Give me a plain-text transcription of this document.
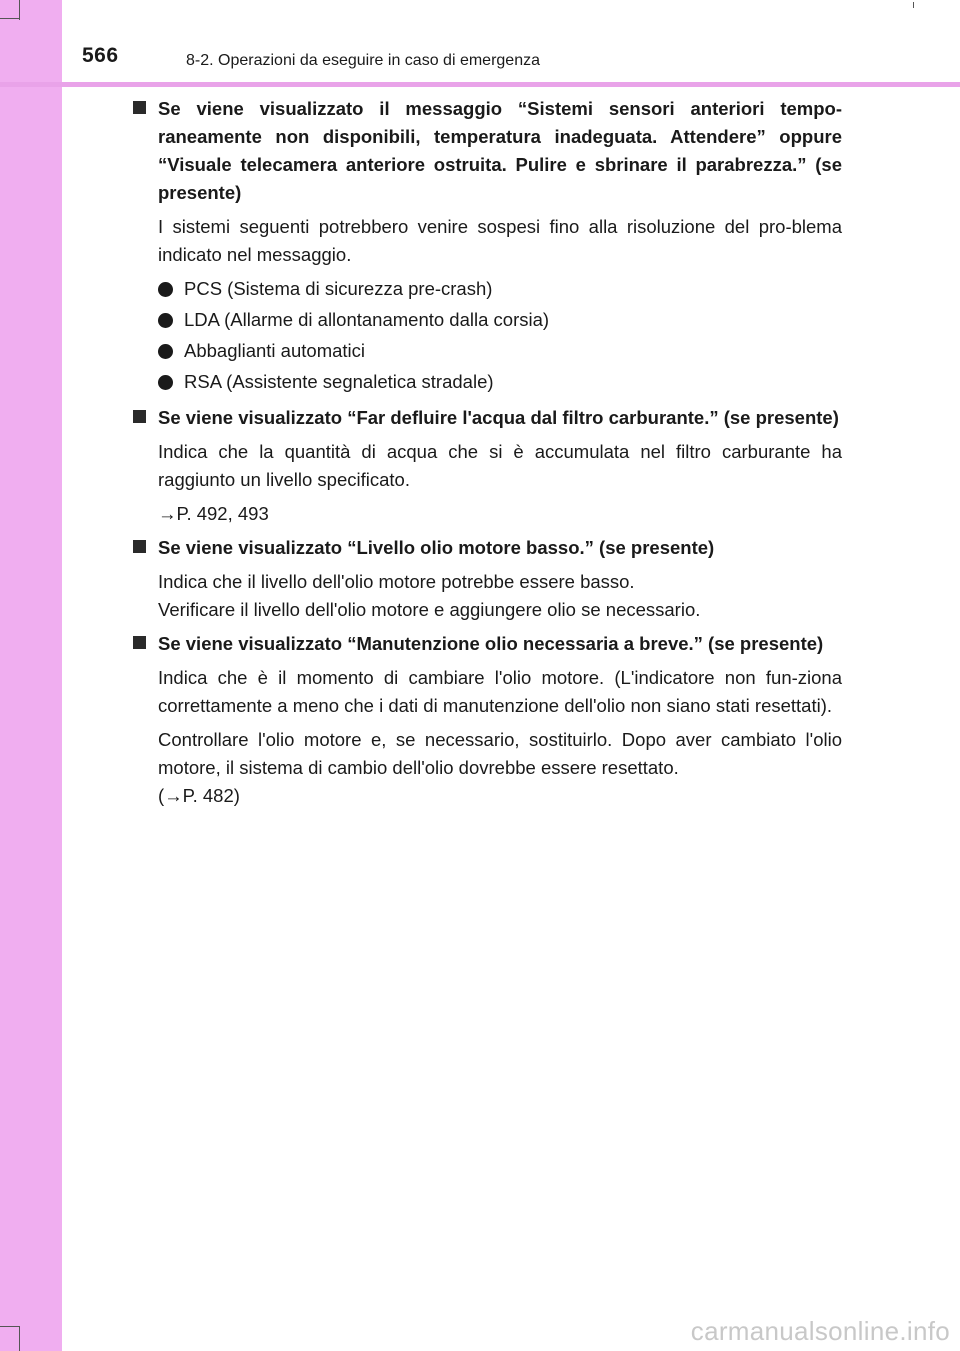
566	8-2. Operazioni da eseguire in caso di emergenza

Se viene visualizzato il messaggio “Sistemi sensori anteriori tempo-raneamente non disponibili, temperatura inadeguata. Attendere” oppure “Visuale telecamera anteriore ostruita. Pulire e sbrinare il parabrezza.” (se presente)

I sistemi seguenti potrebbero venire sospesi fino alla risoluzione del pro-blema indicato nel messaggio.

PCS (Sistema di sicurezza pre-crash)
LDA (Allarme di allontanamento dalla corsia)
Abbaglianti automatici
RSA (Assistente segnaletica stradale)

Se viene visualizzato “Far defluire l'acqua dal filtro carburante.” (se presente)

Indica che la quantità di acqua che si è accumulata nel filtro carburante ha raggiunto un livello specificato.

→P. 492, 493

Se viene visualizzato “Livello olio motore basso.” (se presente)

Indica che il livello dell'olio motore potrebbe essere basso.

Verificare il livello dell'olio motore e aggiungere olio se necessario.

Se viene visualizzato “Manutenzione olio necessaria a breve.” (se presente)

Indica che è il momento di cambiare l'olio motore. (L'indicatore non fun-ziona correttamente a meno che i dati di manutenzione dell'olio non siano stati resettati).

Controllare l'olio motore e, se necessario, sostituirlo. Dopo aver cambiato l'olio motore, il sistema di cambio dell'olio dovrebbe essere resettato.

(→P. 482)

carmanualsonline.info
